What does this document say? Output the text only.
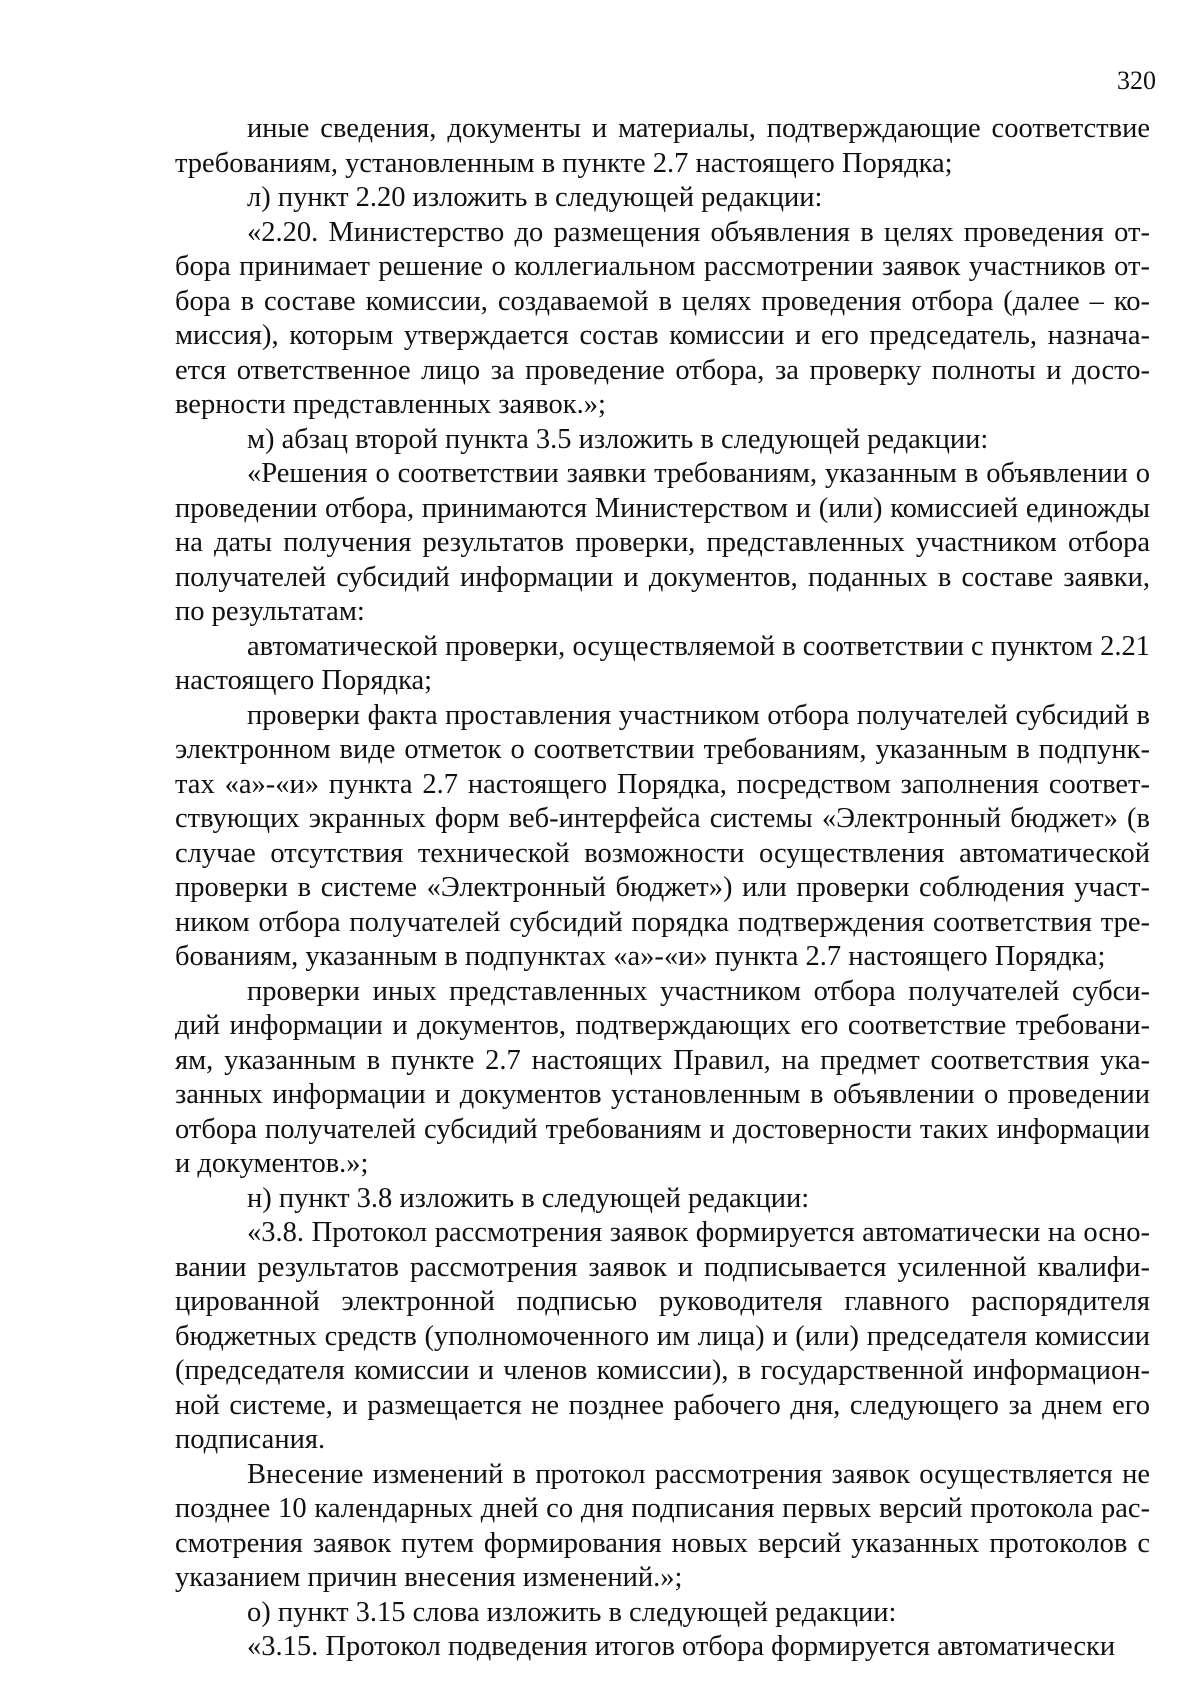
320

иные сведения, документы и материалы, подтверждающие соответствие требованиям, установленным в пункте 2.7 настоящего Порядка;

л) пункт 2.20 изложить в следующей редакции:

«2.20. Министерство до размещения объявления в целях проведения отбора принимает решение о коллегиальном рассмотрении заявок участников отбора в составе комиссии, создаваемой в целях проведения отбора (далее – комиссия), которым утверждается состав комиссии и его председатель, назначается ответственное лицо за проведение отбора, за проверку полноты и достоверности представленных заявок.»;

м) абзац второй пункта 3.5 изложить в следующей редакции:

«Решения о соответствии заявки требованиям, указанным в объявлении о проведении отбора, принимаются Министерством и (или) комиссией единожды на даты получения результатов проверки, представленных участником отбора получателей субсидий информации и документов, поданных в составе заявки, по результатам:

автоматической проверки, осуществляемой в соответствии с пунктом 2.21 настоящего Порядка;

проверки факта проставления участником отбора получателей субсидий в электронном виде отметок о соответствии требованиям, указанным в подпунктах «а»-«и» пункта 2.7 настоящего Порядка, посредством заполнения соответствующих экранных форм веб-интерфейса системы «Электронный бюджет» (в случае отсутствия технической возможности осуществления автоматической проверки в системе «Электронный бюджет») или проверки соблюдения участником отбора получателей субсидий порядка подтверждения соответствия требованиям, указанным в подпунктах «а»-«и» пункта 2.7 настоящего Порядка;

проверки иных представленных участником отбора получателей субсидий информации и документов, подтверждающих его соответствие требованиям, указанным в пункте 2.7 настоящих Правил, на предмет соответствия указанных информации и документов установленным в объявлении о проведении отбора получателей субсидий требованиям и достоверности таких информации и документов.»;

н) пункт 3.8 изложить в следующей редакции:

«3.8. Протокол рассмотрения заявок формируется автоматически на основании результатов рассмотрения заявок и подписывается усиленной квалифицированной электронной подписью руководителя главного распорядителя бюджетных средств (уполномоченного им лица) и (или) председателя комиссии (председателя комиссии и членов комиссии), в государственной информационной системе, и размещается не позднее рабочего дня, следующего за днем его подписания.

Внесение изменений в протокол рассмотрения заявок осуществляется не позднее 10 календарных дней со дня подписания первых версий протокола рассмотрения заявок путем формирования новых версий указанных протоколов с указанием причин внесения изменений.»;

о) пункт 3.15 слова изложить в следующей редакции:

«3.15. Протокол подведения итогов отбора формируется автоматически
